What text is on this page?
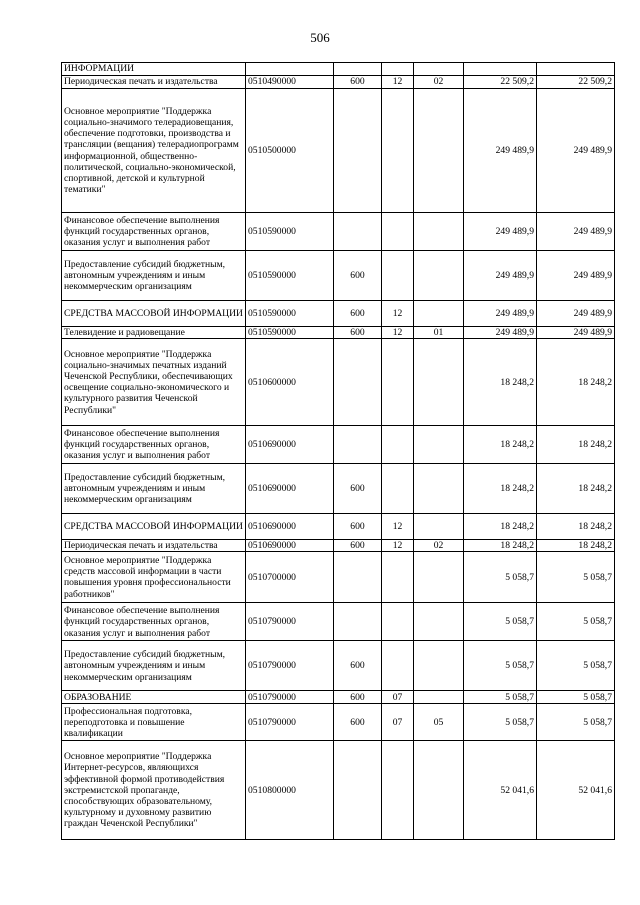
506
ИНФОРМАЦИИ						
Периодическая печать и издательства	0510490000	600	12	02	22 509,2	22 509,2
Основное мероприятие "Поддержка социально-значимого телерадиовещания, обеспечение подготовки, производства и трансляции (вещания) телерадиопрограмм информационной, общественно-политической, социально-экономической, спортивной, детской и культурной тематики"	0510500000				249 489,9	249 489,9
Финансовое обеспечение выполнения функций государственных органов, оказания услуг и выполнения работ	0510590000				249 489,9	249 489,9
Предоставление субсидий бюджетным, автономным учреждениям и иным некоммерческим организациям	0510590000	600			249 489,9	249 489,9
СРЕДСТВА МАССОВОЙ ИНФОРМАЦИИ	0510590000	600	12		249 489,9	249 489,9
Телевидение и радиовещание	0510590000	600	12	01	249 489,9	249 489,9
Основное мероприятие "Поддержка социально-значимых печатных изданий Чеченской Республики, обеспечивающих освещение социально-экономического и культурного развития Чеченской Республики"	0510600000				18 248,2	18 248,2
Финансовое обеспечение выполнения функций государственных органов, оказания услуг и выполнения работ	0510690000				18 248,2	18 248,2
Предоставление субсидий бюджетным, автономным учреждениям и иным некоммерческим организациям	0510690000	600			18 248,2	18 248,2
СРЕДСТВА МАССОВОЙ ИНФОРМАЦИИ	0510690000	600	12		18 248,2	18 248,2
Периодическая печать и издательства	0510690000	600	12	02	18 248,2	18 248,2
Основное мероприятие "Поддержка средств массовой информации в части повышения уровня профессиональности работников"	0510700000				5 058,7	5 058,7
Финансовое обеспечение выполнения функций государственных органов, оказания услуг и выполнения работ	0510790000				5 058,7	5 058,7
Предоставление субсидий бюджетным, автономным учреждениям и иным некоммерческим организациям	0510790000	600			5 058,7	5 058,7
ОБРАЗОВАНИЕ	0510790000	600	07		5 058,7	5 058,7
Профессиональная подготовка, переподготовка и повышение квалификации	0510790000	600	07	05	5 058,7	5 058,7
Основное мероприятие "Поддержка Интернет-ресурсов, являющихся эффективной формой противодействия экстремистской пропаганде, способствующих образовательному, культурному и духовному развитию граждан Чеченской Республики"	0510800000				52 041,6	52 041,6
